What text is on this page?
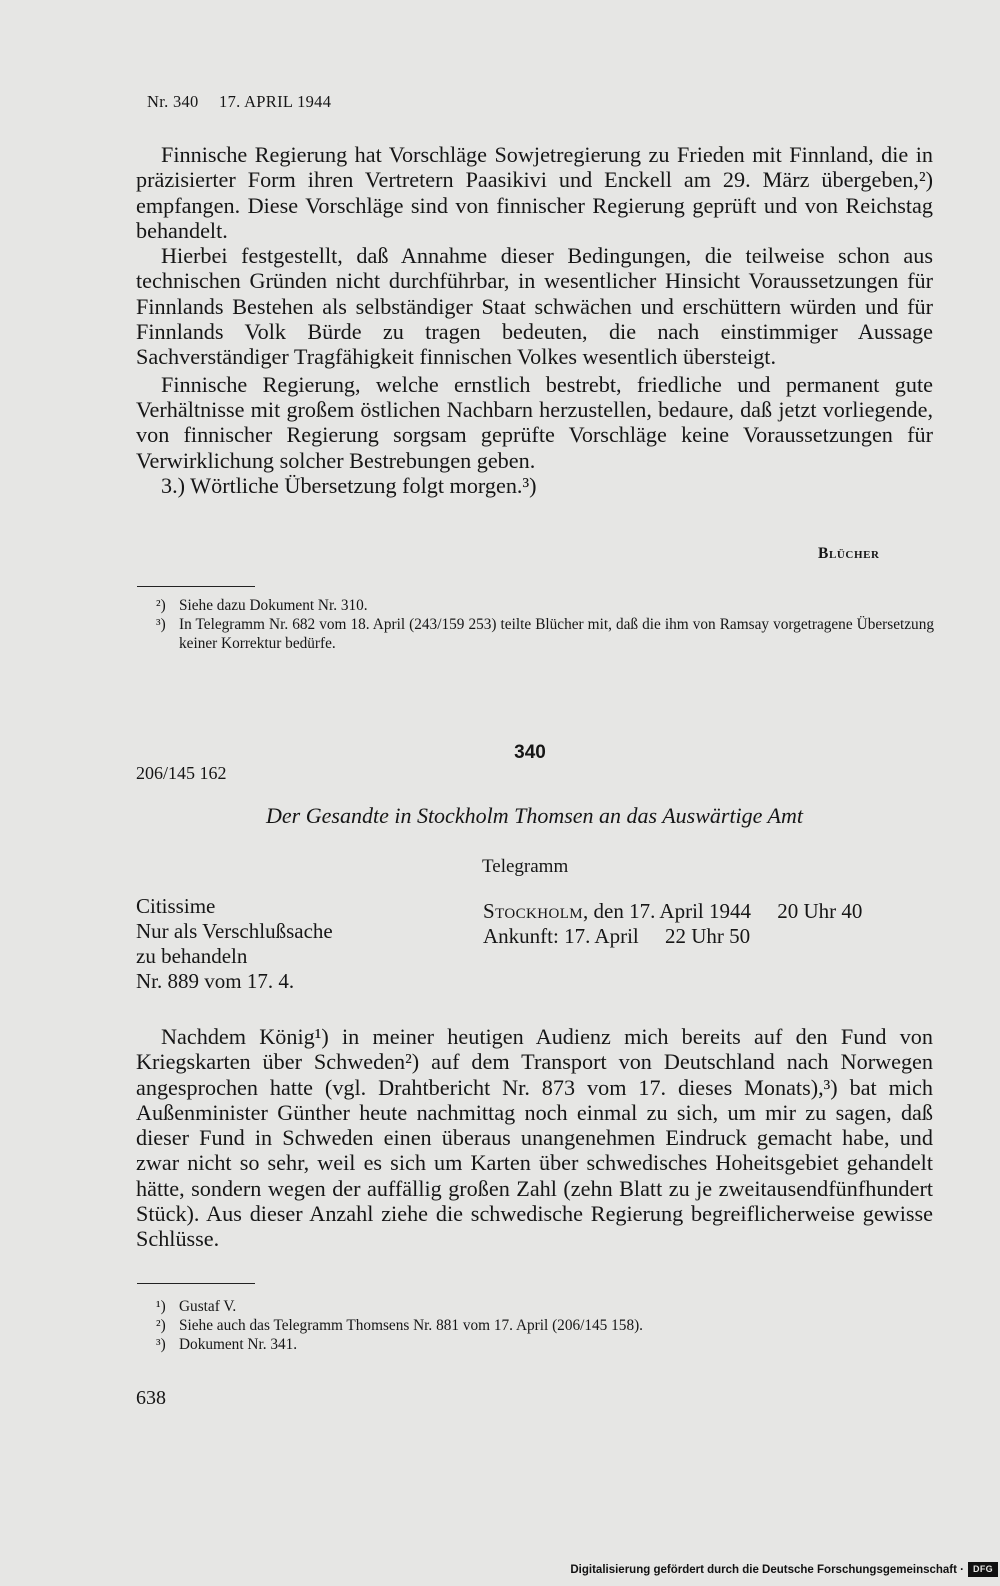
Nr. 340 17. APRIL 1944

Finnische Regierung hat Vorschläge Sowjetregierung zu Frieden mit Finnland, die in präzisierter Form ihren Vertretern Paasikivi und Enckell am 29. März übergeben,²) empfangen. Diese Vorschläge sind von finnischer Regierung geprüft und von Reichstag behandelt.

Hierbei festgestellt, daß Annahme dieser Bedingungen, die teilweise schon aus technischen Gründen nicht durchführbar, in wesentlicher Hinsicht Voraussetzungen für Finnlands Bestehen als selbständiger Staat schwächen und erschüttern würden und für Finnlands Volk Bürde zu tragen bedeuten, die nach einstimmiger Aussage Sachverständiger Tragfähigkeit finnischen Volkes wesentlich übersteigt.

Finnische Regierung, welche ernstlich bestrebt, friedliche und permanent gute Verhältnisse mit großem östlichen Nachbarn herzustellen, bedaure, daß jetzt vorliegende, von finnischer Regierung sorgsam geprüfte Vorschläge keine Voraussetzungen für Verwirklichung solcher Bestrebungen geben.

3.) Wörtliche Übersetzung folgt morgen.³)

Blücher
²) Siehe dazu Dokument Nr. 310.
³) In Telegramm Nr. 682 vom 18. April (243/159 253) teilte Blücher mit, daß die ihm von Ramsay vorgetragene Übersetzung keiner Korrektur bedürfe.
340
206/145 162
Der Gesandte in Stockholm Thomsen an das Auswärtige Amt
Telegramm
Citissime
Nur als Verschlußsache
zu behandeln
Nr. 889 vom 17. 4.
Stockholm, den 17. April 1944  20 Uhr 40
Ankunft: 17. April  22 Uhr 50

Nachdem König¹) in meiner heutigen Audienz mich bereits auf den Fund von Kriegskarten über Schweden²) auf dem Transport von Deutschland nach Norwegen angesprochen hatte (vgl. Drahtbericht Nr. 873 vom 17. dieses Monats),³) bat mich Außenminister Günther heute nachmittag noch einmal zu sich, um mir zu sagen, daß dieser Fund in Schweden einen überaus unangenehmen Eindruck gemacht habe, und zwar nicht so sehr, weil es sich um Karten über schwedisches Hoheitsgebiet gehandelt hätte, sondern wegen der auffällig großen Zahl (zehn Blatt zu je zweitausendfünfhundert Stück). Aus dieser Anzahl ziehe die schwedische Regierung begreiflicherweise gewisse Schlüsse.

¹) Gustaf V.
²) Siehe auch das Telegramm Thomsens Nr. 881 vom 17. April (206/145 158).
³) Dokument Nr. 341.
638
Digitalisierung gefördert durch die Deutsche Forschungsgemeinschaft ·	DFG
